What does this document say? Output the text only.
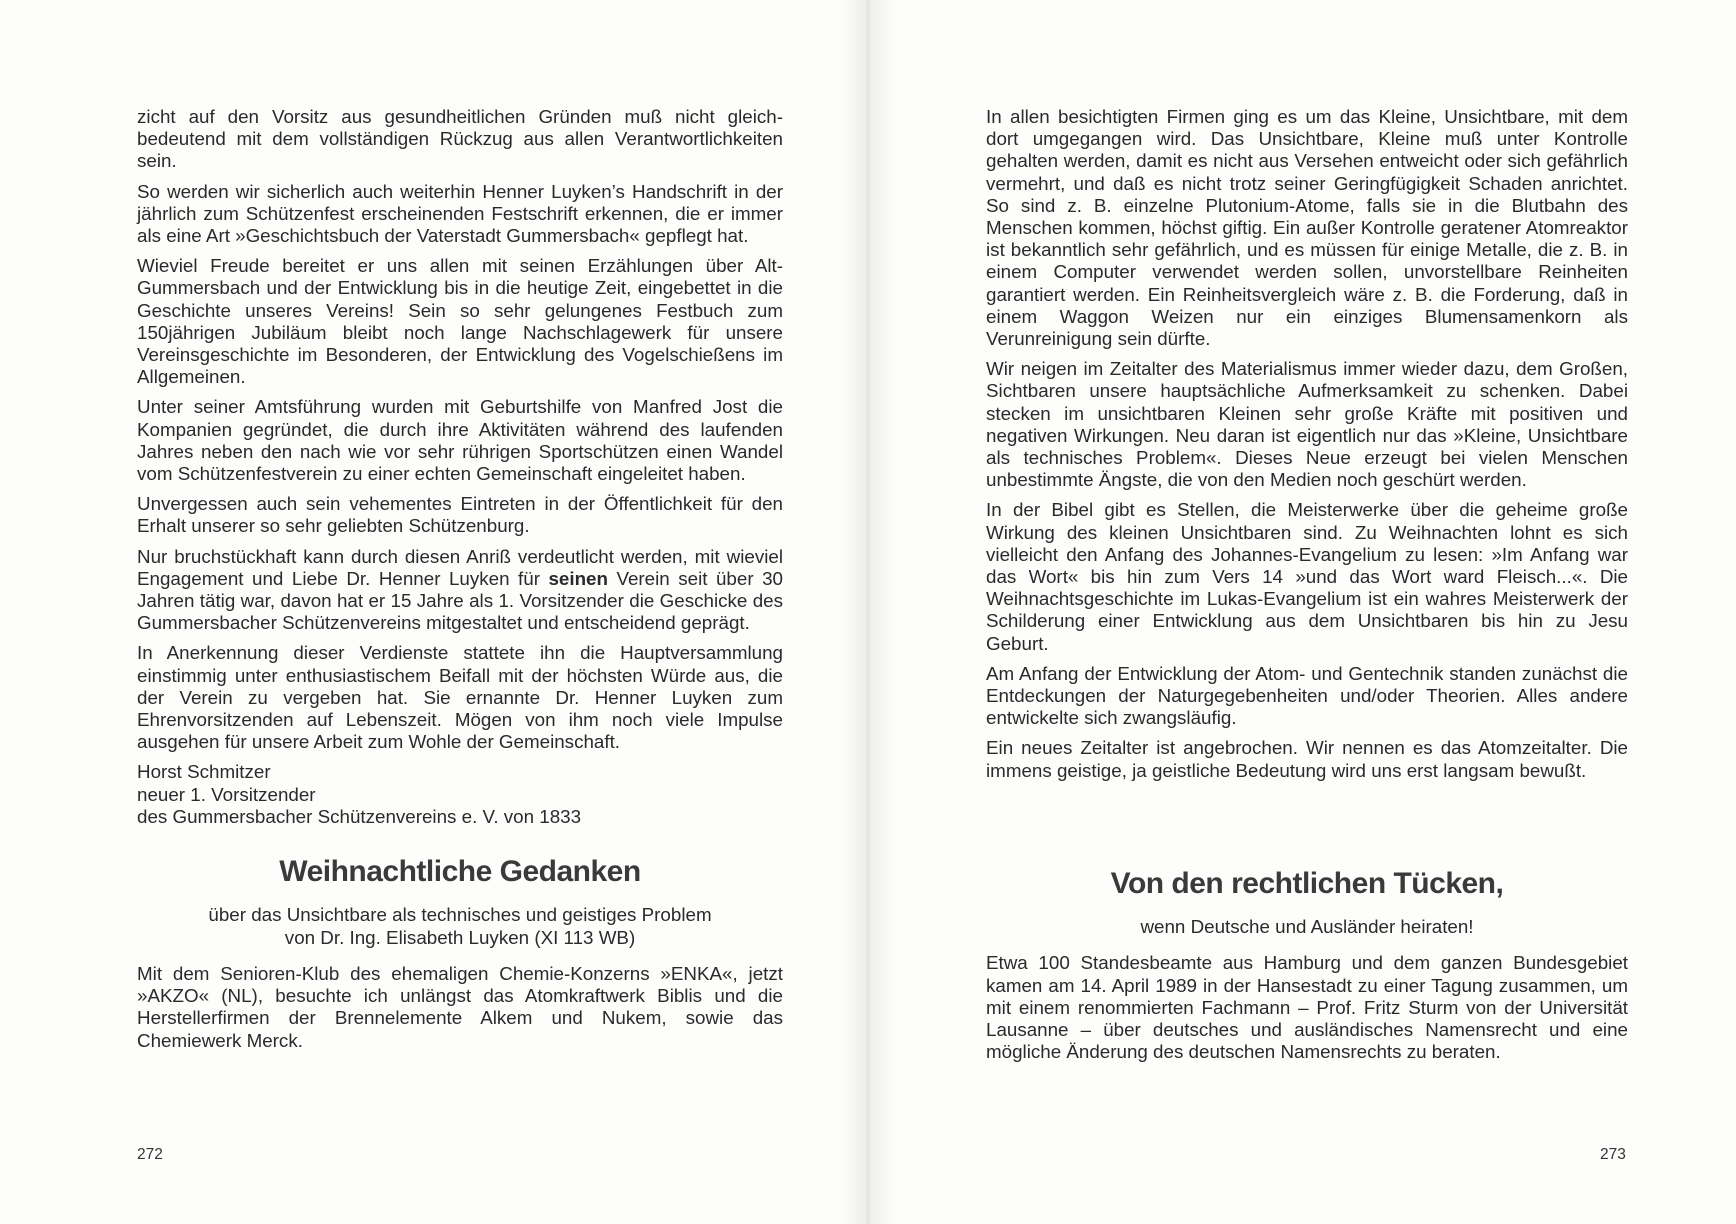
zicht auf den Vorsitz aus gesundheitlichen Gründen muß nicht gleichbedeutend mit dem vollständigen Rückzug aus allen Verantwortlichkeiten sein.

So werden wir sicherlich auch weiterhin Henner Luyken’s Handschrift in der jährlich zum Schützenfest erscheinenden Festschrift erkennen, die er immer als eine Art »Geschichtsbuch der Vaterstadt Gummersbach« gepflegt hat.

Wieviel Freude bereitet er uns allen mit seinen Erzählungen über Alt-Gummersbach und der Entwicklung bis in die heutige Zeit, eingebettet in die Geschichte unseres Vereins! Sein so sehr gelungenes Festbuch zum 150jährigen Jubiläum bleibt noch lange Nachschlagewerk für unsere Vereinsgeschichte im Besonderen, der Entwicklung des Vogelschießens im Allgemeinen.

Unter seiner Amtsführung wurden mit Geburtshilfe von Manfred Jost die Kompanien gegründet, die durch ihre Aktivitäten während des laufenden Jahres neben den nach wie vor sehr rührigen Sportschützen einen Wandel vom Schützenfestverein zu einer echten Gemeinschaft eingeleitet haben.

Unvergessen auch sein vehementes Eintreten in der Öffentlichkeit für den Erhalt unserer so sehr geliebten Schützenburg.

Nur bruchstückhaft kann durch diesen Anriß verdeutlicht werden, mit wieviel Engagement und Liebe Dr. Henner Luyken für seinen Verein seit über 30 Jahren tätig war, davon hat er 15 Jahre als 1. Vorsitzender die Geschicke des Gummersbacher Schützenvereins mitgestaltet und entscheidend geprägt.

In Anerkennung dieser Verdienste stattete ihn die Hauptversammlung einstimmig unter enthusiastischem Beifall mit der höchsten Würde aus, die der Verein zu vergeben hat. Sie ernannte Dr. Henner Luyken zum Ehrenvorsitzenden auf Lebenszeit. Mögen von ihm noch viele Impulse ausgehen für unsere Arbeit zum Wohle der Gemeinschaft.

Horst Schmitzer
neuer 1. Vorsitzender
des Gummersbacher Schützenvereins e. V. von 1833
Weihnachtliche Gedanken
über das Unsichtbare als technisches und geistiges Problem
von Dr. Ing. Elisabeth Luyken (XI 113 WB)

Mit dem Senioren-Klub des ehemaligen Chemie-Konzerns »ENKA«, jetzt »AKZO« (NL), besuchte ich unlängst das Atomkraftwerk Biblis und die Herstellerfirmen der Brennelemente Alkem und Nukem, sowie das Chemiewerk Merck.

272

In allen besichtigten Firmen ging es um das Kleine, Unsichtbare, mit dem dort umgegangen wird. Das Unsichtbare, Kleine muß unter Kontrolle gehalten werden, damit es nicht aus Versehen entweicht oder sich gefährlich vermehrt, und daß es nicht trotz seiner Geringfügigkeit Schaden anrichtet. So sind z. B. einzelne Plutonium-Atome, falls sie in die Blutbahn des Menschen kommen, höchst giftig. Ein außer Kontrolle geratener Atomreaktor ist bekanntlich sehr gefährlich, und es müssen für einige Metalle, die z. B. in einem Computer verwendet werden sollen, unvorstellbare Reinheiten garantiert werden. Ein Reinheitsvergleich wäre z. B. die Forderung, daß in einem Waggon Weizen nur ein einziges Blumensamenkorn als Verunreinigung sein dürfte.

Wir neigen im Zeitalter des Materialismus immer wieder dazu, dem Großen, Sichtbaren unsere hauptsächliche Aufmerksamkeit zu schenken. Dabei stecken im unsichtbaren Kleinen sehr große Kräfte mit positiven und negativen Wirkungen. Neu daran ist eigentlich nur das »Kleine, Unsichtbare als technisches Problem«. Dieses Neue erzeugt bei vielen Menschen unbestimmte Ängste, die von den Medien noch geschürt werden.

In der Bibel gibt es Stellen, die Meisterwerke über die geheime große Wirkung des kleinen Unsichtbaren sind. Zu Weihnachten lohnt es sich vielleicht den Anfang des Johannes-Evangelium zu lesen: »Im Anfang war das Wort« bis hin zum Vers 14 »und das Wort ward Fleisch...«. Die Weihnachtsgeschichte im Lukas-Evangelium ist ein wahres Meisterwerk der Schilderung einer Entwicklung aus dem Unsichtbaren bis hin zu Jesu Geburt.

Am Anfang der Entwicklung der Atom- und Gentechnik standen zunächst die Entdeckungen der Naturgegebenheiten und/oder Theorien. Alles andere entwickelte sich zwangsläufig.

Ein neues Zeitalter ist angebrochen. Wir nennen es das Atomzeitalter. Die immens geistige, ja geistliche Bedeutung wird uns erst langsam bewußt.

Von den rechtlichen Tücken,
wenn Deutsche und Ausländer heiraten!

Etwa 100 Standesbeamte aus Hamburg und dem ganzen Bundesgebiet kamen am 14. April 1989 in der Hansestadt zu einer Tagung zusammen, um mit einem renommierten Fachmann – Prof. Fritz Sturm von der Universität Lausanne – über deutsches und ausländisches Namensrecht und eine mögliche Änderung des deutschen Namensrechts zu beraten.

273
